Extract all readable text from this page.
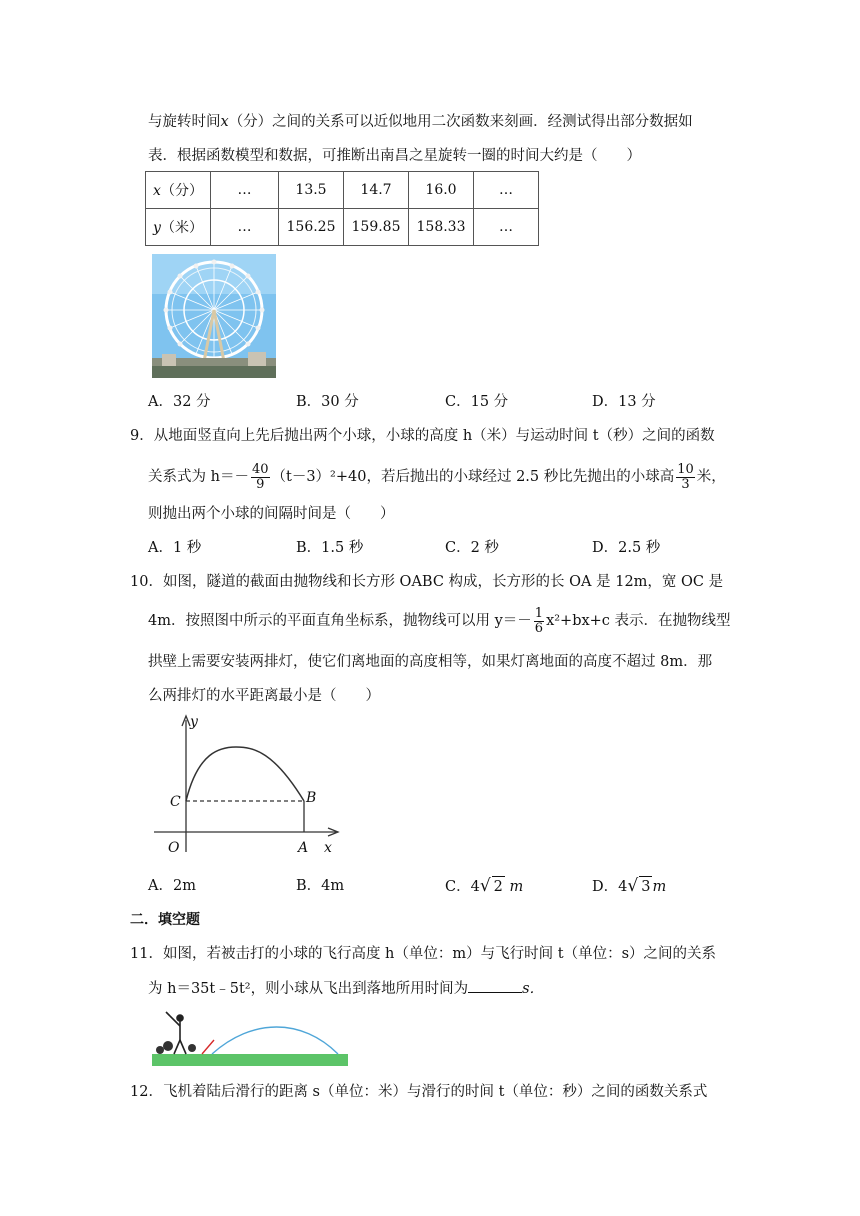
与旋转时间x（分）之间的关系可以近似地用二次函数来刻画．经测试得出部分数据如
表．根据函数模型和数据，可推断出南昌之星旋转一圈的时间大约是（　　）
x（分）	…	13.5	14.7	16.0	…
y（米）	…	156.25	159.85	158.33	…
A．32 分	B．30 分	C．15 分	D．13 分
9．从地面竖直向上先后抛出两个小球，小球的高度 h（米）与运动时间 t（秒）之间的函数
关系式为 $h=- \frac{40}{9} (t-3)^2+40$，若后抛出的小球经过 2.5 秒比先抛出的小球高 $\frac{10}{3}$ 米，
则抛出两个小球的间隔时间是（　　）
A．1 秒	B．1.5 秒	C．2 秒	D．2.5 秒
10．如图，隧道的截面由抛物线和长方形 OABC 构成，长方形的长 OA 是 12m，宽 OC 是
4m．按照图中所示的平面直角坐标系，抛物线可以用 $y=- \frac{1}{6} x^2+bx+c$ 表示．在抛物线型
拱壁上需要安装两排灯，使它们离地面的高度相等，如果灯离地面的高度不超过 8m．那
么两排灯的水平距离最小是（　　）
y
x
C	B
O	A
A．2m	B．4m	C．4√ 2 m	D．4√ 3 m
二．填空题
11．如图，若被击打的小球的飞行高度 h（单位：m）与飞行时间 t（单位：s）之间的关系
为 h＝35t﹣5t²，则小球从飞出到落地所用时间为	s．
12．飞机着陆后滑行的距离 s（单位：米）与滑行的时间 t（单位：秒）之间的函数关系式
